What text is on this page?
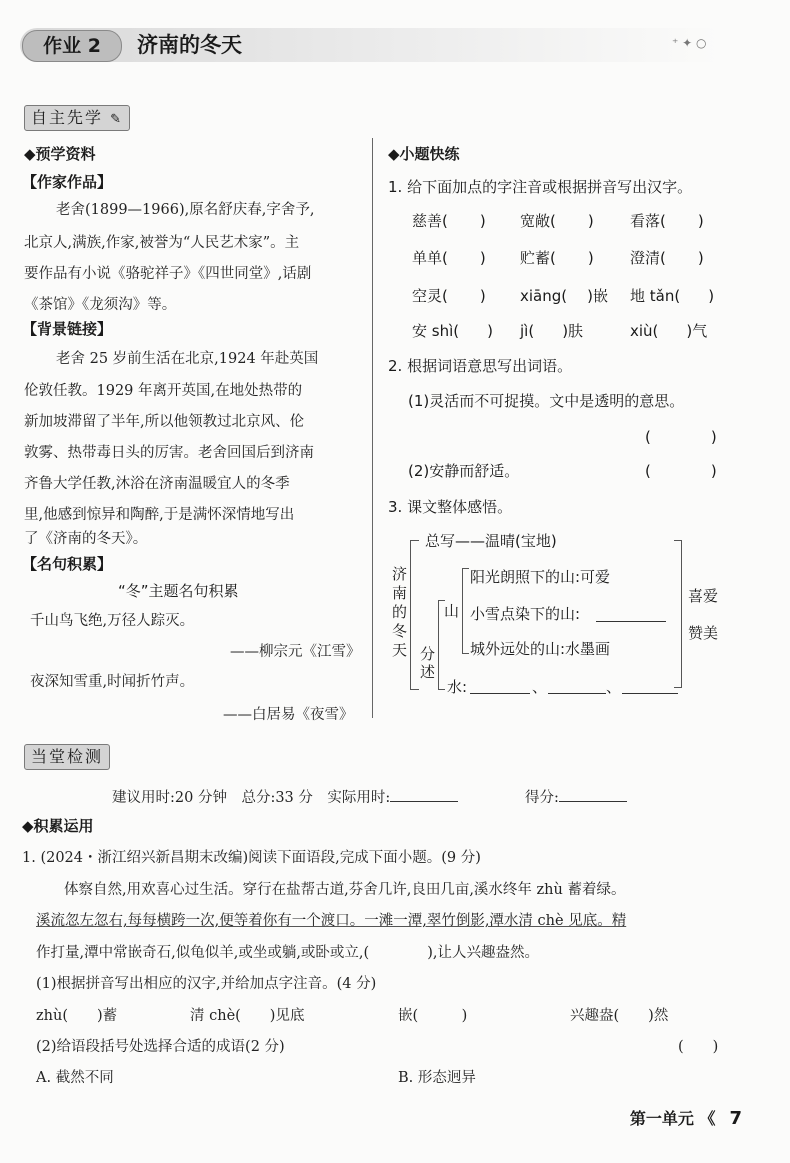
作业 2	济南的冬天	⁺ ✦ ○
自主先学 ✎
◆预学资料
【作家作品】
老舍(1899—1966),原名舒庆春,字舍予,
北京人,满族,作家,被誉为“人民艺术家”。主
要作品有小说《骆驼祥子》《四世同堂》,话剧
《茶馆》《龙须沟》等。
【背景链接】
老舍 25 岁前生活在北京,1924 年赴英国
伦敦任教。1929 年离开英国,在地处热带的
新加坡滞留了半年,所以他领教过北京风、伦
敦雾、热带毒日头的厉害。老舍回国后到济南
齐鲁大学任教,沐浴在济南温暖宜人的冬季
里,他感到惊异和陶醉,于是满怀深情地写出
了《济南的冬天》。
【名句积累】
“冬”主题名句积累
千山鸟飞绝,万径人踪灭。
——柳宗元《江雪》
夜深知雪重,时闻折竹声。
——白居易《夜雪》
◆小题快练
1. 给下面加点的字注音或根据拼音写出汉字。
慈善( ) 宽敞( ) 看落( )
单单( ) 贮蓄( ) 澄清( )
空灵( ) xiāng( )嵌 地 tǎn( )
安 shì( ) jì( )肤	xiù( )气
2. 根据词语意思写出词语。
(1)灵活而不可捉摸。文中是透明的意思。
(　　　　)
(2)安静而舒适。	(　　　　)
3. 课文整体感悟。
济
南
的
冬
天
总写——温晴(宝地)
分
述
山
阳光朗照下的山:可爱
小雪点染下的山:
城外远处的山:水墨画
水:	、	、
喜爱
赞美
当堂检测
建议用时:20 分钟　总分:33 分　实际用时:	得分:
◆积累运用
1. (2024・浙江绍兴新昌期末改编)阅读下面语段,完成下面小题。(9 分)
体察自然,用欢喜心过生活。穿行在盐帮古道,芬舍几许,良田几亩,溪水终年 zhù 蓄着绿。
溪流忽左忽右,每每横跨一次,便等着你有一个渡口。一滩一潭,翠竹倒影,潭水清 chè 见底。精
作打量,潭中常嵌奇石,似龟似羊,或坐或躺,或卧或立,(　　　　),让人兴趣盎然。
(1)根据拼音写出相应的汉字,并给加点字注音。(4 分)
zhù(　　)蓄	清 chè(　　)见底	嵌(　　　)	兴趣盎(　　)然
(2)给语段括号处选择合适的成语(2 分)	(　　)
A. 截然不同	B. 形态迥异
第一单元 《 7
